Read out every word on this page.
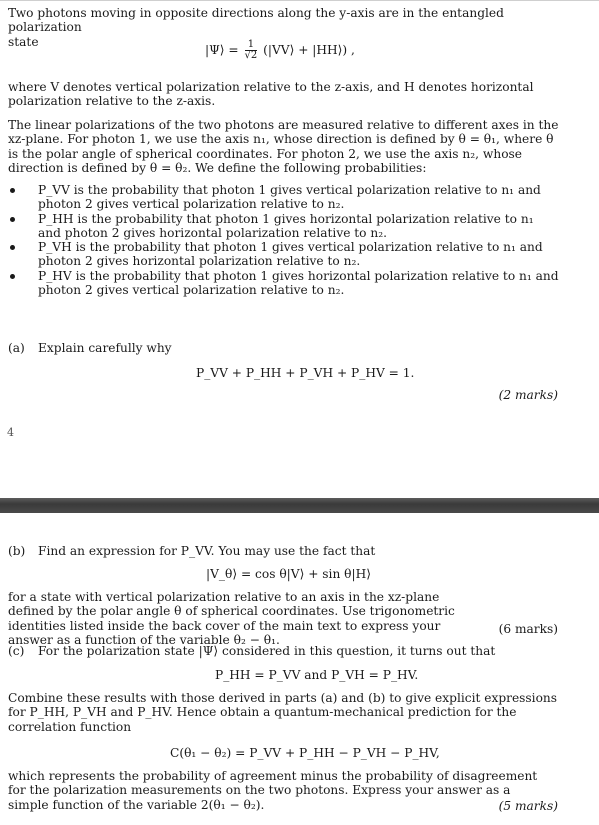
Two photons moving in opposite directions along the y-axis are in the entangled polarization
state
|Ψ⟩ = $\frac{1}{√2}$ (|VV⟩ + |HH⟩) ,
where V denotes vertical polarization relative to the z-axis, and H denotes horizontal polarization relative to the z-axis.
The linear polarizations of the two photons are measured relative to different axes in the xz-plane. For photon 1, we use the axis n₁, whose direction is defined by θ = θ₁, where θ is the polar angle of spherical coordinates. For photon 2, we use the axis n₂, whose direction is defined by θ = θ₂. We define the following probabilities:
P_VV is the probability that photon 1 gives vertical polarization relative to n₁ and photon 2 gives vertical polarization relative to n₂.
P_HH is the probability that photon 1 gives horizontal polarization relative to n₁ and photon 2 gives horizontal polarization relative to n₂.
P_VH is the probability that photon 1 gives vertical polarization relative to n₁ and photon 2 gives horizontal polarization relative to n₂.
P_HV is the probability that photon 1 gives horizontal polarization relative to n₁ and photon 2 gives vertical polarization relative to n₂.
(a) Explain carefully why
P_VV + P_HH + P_VH + P_HV = 1.
(2 marks)
4
(b) Find an expression for P_VV. You may use the fact that
|V_θ⟩ = cos θ|V⟩ + sin θ|H⟩
for a state with vertical polarization relative to an axis in the xz-plane defined by the polar angle θ of spherical coordinates. Use trigonometric identities listed inside the back cover of the main text to express your answer as a function of the variable θ₂ − θ₁.
(6 marks)
(c) For the polarization state |Ψ⟩ considered in this question, it turns out that
P_HH = P_VV and P_VH = P_HV.
Combine these results with those derived in parts (a) and (b) to give explicit expressions for P_HH, P_VH and P_HV. Hence obtain a quantum-mechanical prediction for the correlation function
C(θ₁ − θ₂) = P_VV + P_HH − P_VH − P_HV,
which represents the probability of agreement minus the probability of disagreement for the polarization measurements on the two photons. Express your answer as a simple function of the variable 2(θ₁ − θ₂).	(5 marks)
